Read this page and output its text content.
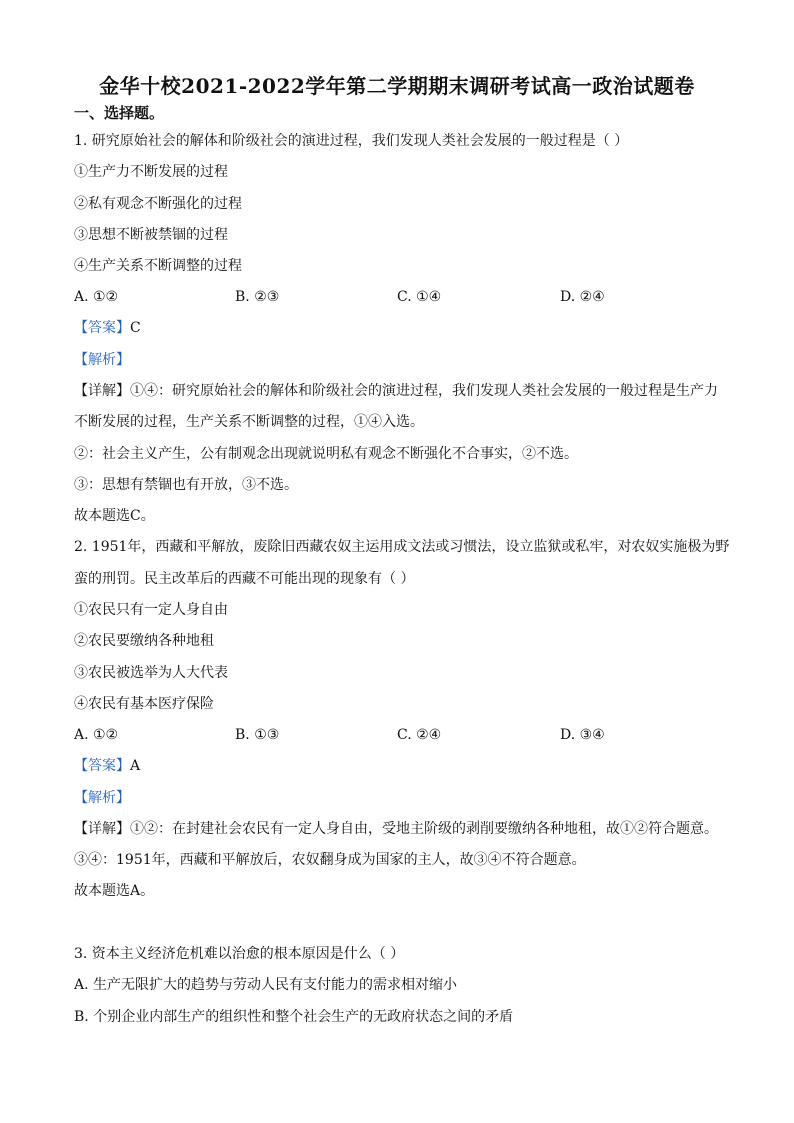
金华十校2021-2022学年第二学期期末调研考试高一政治试题卷
一、选择题。
1. 研究原始社会的解体和阶级社会的演进过程，我们发现人类社会发展的一般过程是（ ）
①生产力不断发展的过程
②私有观念不断强化的过程
③思想不断被禁锢的过程
④生产关系不断调整的过程
A. ①②	B. ②③	C. ①④	D. ②④
【答案】C
【解析】
【详解】①④：研究原始社会的解体和阶级社会的演进过程，我们发现人类社会发展的一般过程是生产力
不断发展的过程，生产关系不断调整的过程，①④入选。
②：社会主义产生，公有制观念出现就说明私有观念不断强化不合事实，②不选。
③：思想有禁锢也有开放，③不选。
故本题选C。
2. 1951年，西藏和平解放，废除旧西藏农奴主运用成文法或习惯法，设立监狱或私牢，对农奴实施极为野
蛮的刑罚。民主改革后的西藏不可能出现的现象有（ ）
①农民只有一定人身自由
②农民要缴纳各种地租
③农民被选举为人大代表
④农民有基本医疗保险
A. ①②	B. ①③	C. ②④	D. ③④
【答案】A
【解析】
【详解】①②：在封建社会农民有一定人身自由，受地主阶级的剥削要缴纳各种地租，故①②符合题意。
③④：1951年，西藏和平解放后，农奴翻身成为国家的主人，故③④不符合题意。
故本题选A。
3. 资本主义经济危机难以治愈的根本原因是什么（ ）
A. 生产无限扩大的趋势与劳动人民有支付能力的需求相对缩小
B. 个别企业内部生产的组织性和整个社会生产的无政府状态之间的矛盾
